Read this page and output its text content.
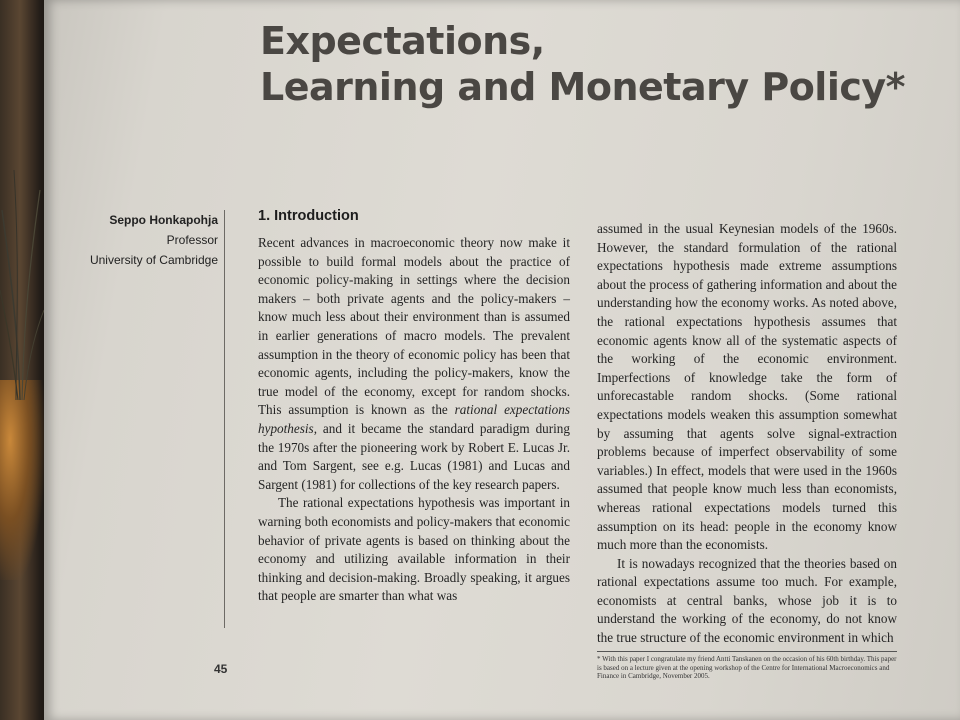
Expectations,
Learning and Monetary Policy*
Seppo Honkapohja
Professor
University of Cambridge
1. Introduction

Recent advances in macroeconomic theory now make it possible to build formal models about the practice of economic policy-making in settings where the decision makers – both private agents and the policy-makers – know much less about their environment than is assumed in earlier generations of macro models. The prevalent assumption in the theory of economic policy has been that economic agents, including the policy-makers, know the true model of the economy, except for random shocks. This assumption is known as the rational expectations hypothesis, and it became the standard paradigm during the 1970s after the pioneering work by Robert E. Lucas Jr. and Tom Sargent, see e.g. Lucas (1981) and Lucas and Sargent (1981) for collections of the key research papers.

The rational expectations hypothesis was important in warning both economists and policy-makers that economic behavior of private agents is based on thinking about the economy and utilizing available information in their thinking and decision-making. Broadly speaking, it argues that people are smarter than what was

assumed in the usual Keynesian models of the 1960s. However, the standard formulation of the rational expectations hypothesis made extreme assumptions about the process of gathering information and about the understanding how the economy works. As noted above, the rational expectations hypothesis assumes that economic agents know all of the systematic aspects of the working of the economic environment. Imperfections of knowledge take the form of unforecastable random shocks. (Some rational expectations models weaken this assumption somewhat by assuming that agents solve signal-extraction problems because of imperfect observability of some variables.) In effect, models that were used in the 1960s assumed that people know much less than economists, whereas rational expectations models turned this assumption on its head: people in the economy know much more than the economists.

It is nowadays recognized that the theories based on rational expectations assume too much. For example, economists at central banks, whose job it is to understand the working of the economy, do not know the true structure of the economic environment in which

* With this paper I congratulate my friend Antti Tanskanen on the occasion of his 60th birthday. This paper is based on a lecture given at the opening workshop of the Centre for International Macroeconomics and Finance in Cambridge, November 2005.
45
